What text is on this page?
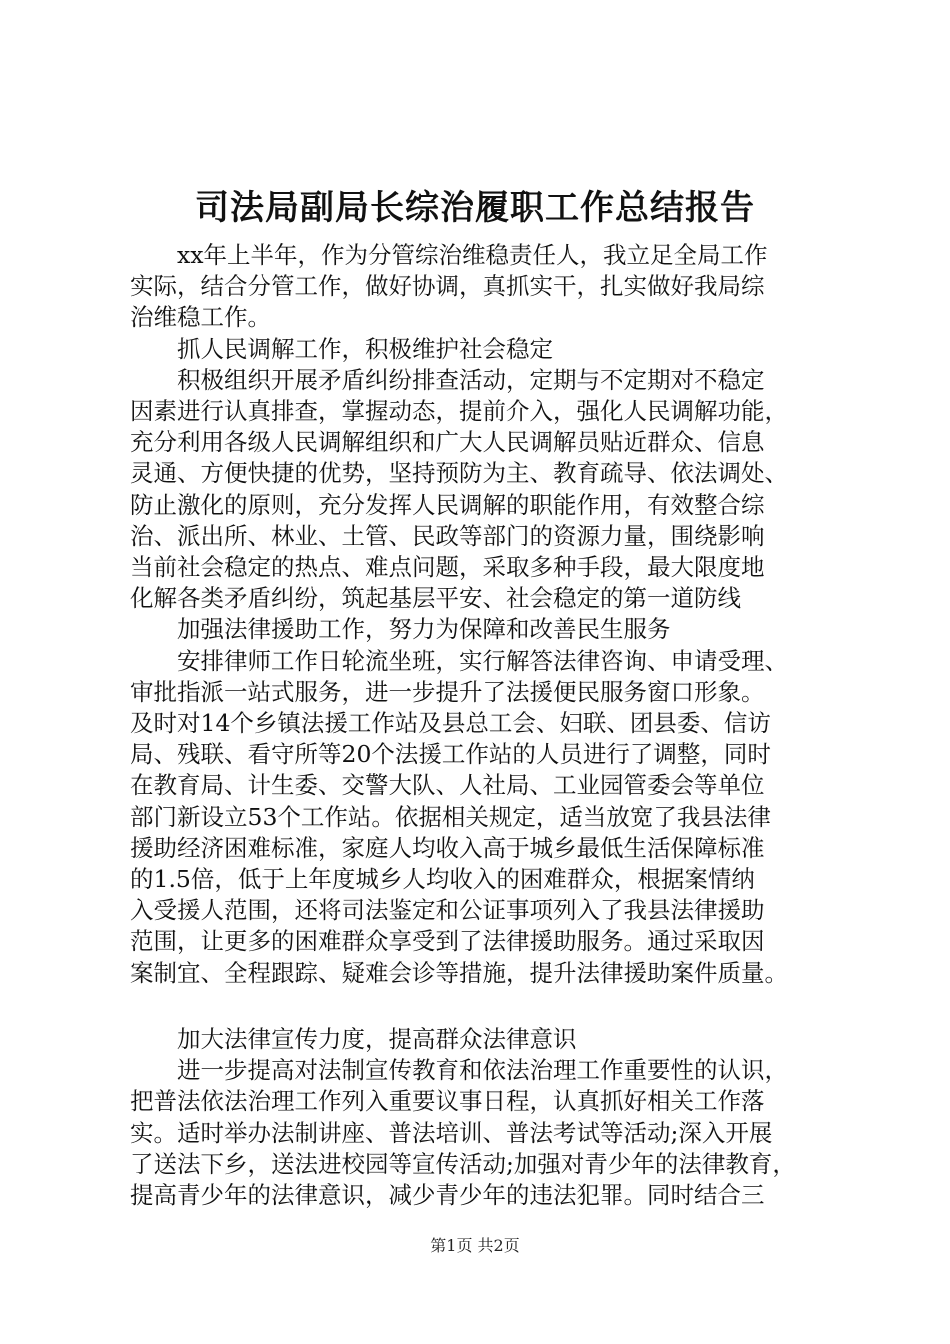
司法局副局长综治履职工作总结报告
　　xx年上半年，作为分管综治维稳责任人，我立足全局工作
实际，结合分管工作，做好协调，真抓实干，扎实做好我局综
治维稳工作。
　　抓人民调解工作，积极维护社会稳定
　　积极组织开展矛盾纠纷排查活动，定期与不定期对不稳定
因素进行认真排查，掌握动态，提前介入，强化人民调解功能，
充分利用各级人民调解组织和广大人民调解员贴近群众、信息
灵通、方便快捷的优势，坚持预防为主、教育疏导、依法调处、
防止激化的原则，充分发挥人民调解的职能作用，有效整合综
治、派出所、林业、土管、民政等部门的资源力量，围绕影响
当前社会稳定的热点、难点问题，采取多种手段，最大限度地
化解各类矛盾纠纷，筑起基层平安、社会稳定的第一道防线
　　加强法律援助工作，努力为保障和改善民生服务
　　安排律师工作日轮流坐班，实行解答法律咨询、申请受理、
审批指派一站式服务，进一步提升了法援便民服务窗口形象。
及时对14个乡镇法援工作站及县总工会、妇联、团县委、信访
局、残联、看守所等20个法援工作站的人员进行了调整，同时
在教育局、计生委、交警大队、人社局、工业园管委会等单位
部门新设立53个工作站。依据相关规定，适当放宽了我县法律
援助经济困难标准，家庭人均收入高于城乡最低生活保障标准
的1.5倍，低于上年度城乡人均收入的困难群众，根据案情纳
入受援人范围，还将司法鉴定和公证事项列入了我县法律援助
范围，让更多的困难群众享受到了法律援助服务。通过采取因
案制宜、全程跟踪、疑难会诊等措施，提升法律援助案件质量。
　　加大法律宣传力度，提高群众法律意识
　　进一步提高对法制宣传教育和依法治理工作重要性的认识，
把普法依法治理工作列入重要议事日程，认真抓好相关工作落
实。适时举办法制讲座、普法培训、普法考试等活动;深入开展
了送法下乡，送法进校园等宣传活动;加强对青少年的法律教育，
提高青少年的法律意识，减少青少年的违法犯罪。同时结合三
第1页 共2页
